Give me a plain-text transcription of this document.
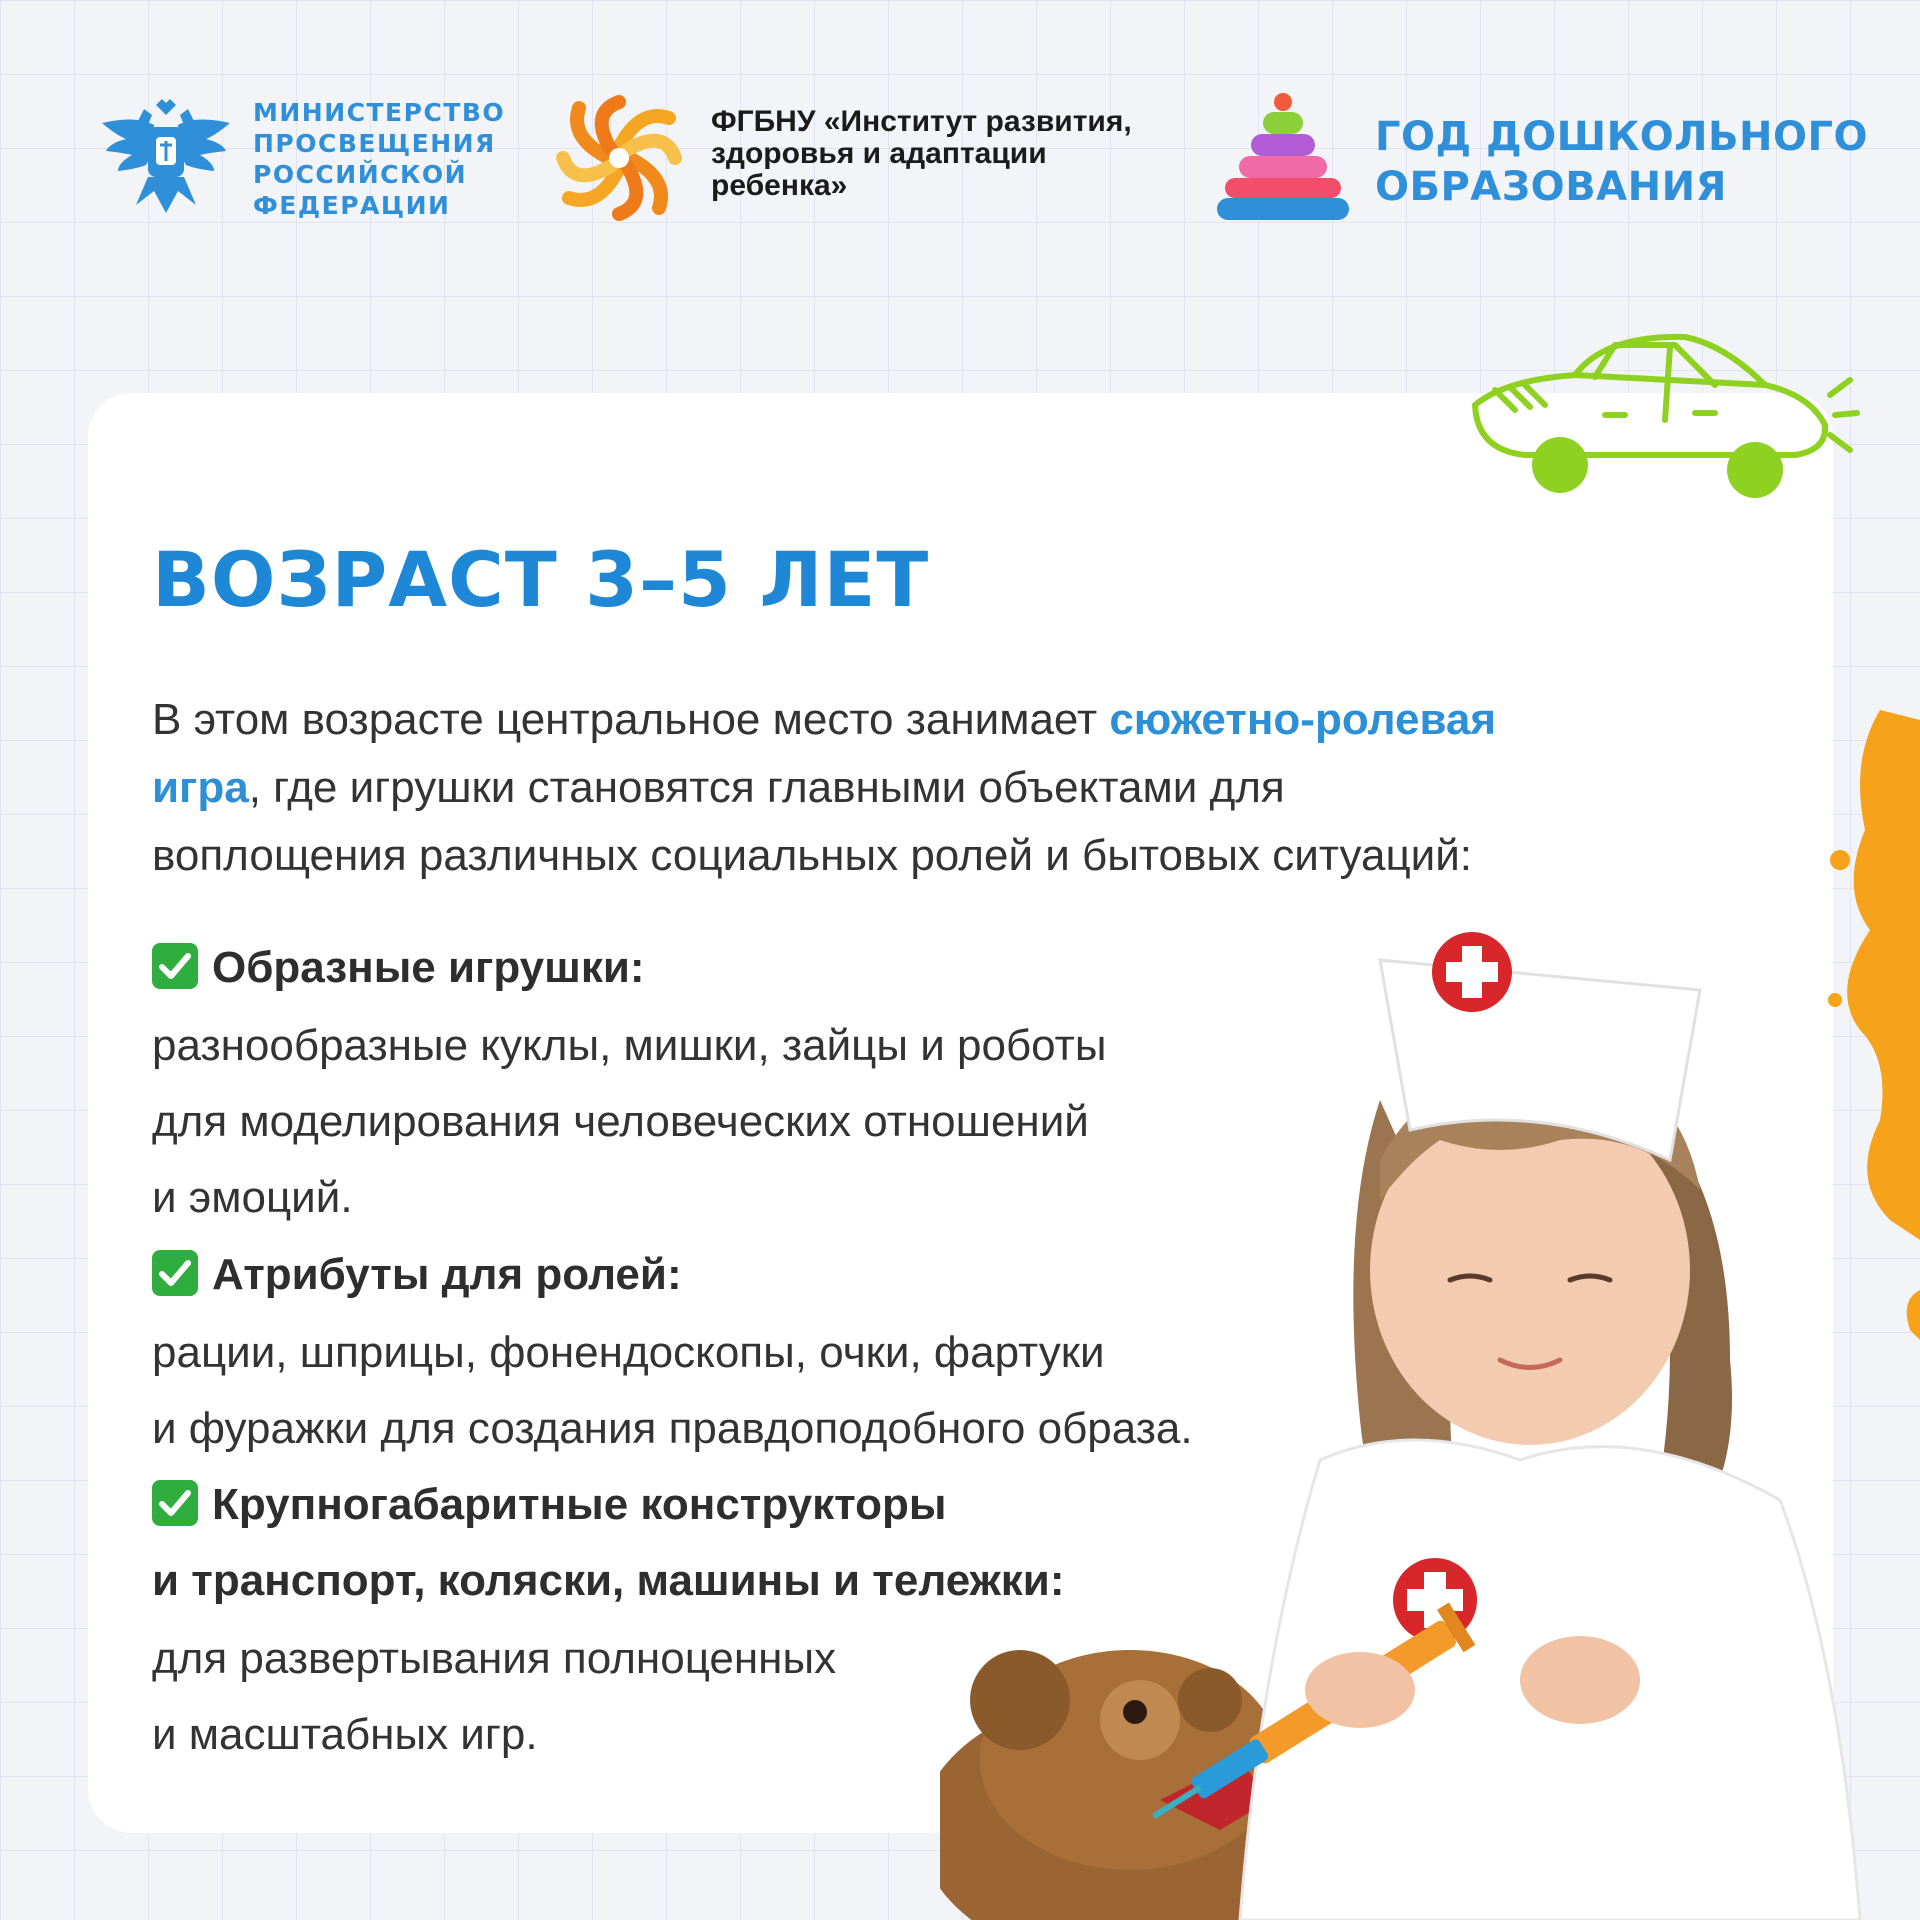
МИНИСТЕРСТВО
ПРОСВЕЩЕНИЯ
РОССИЙСКОЙ
ФЕДЕРАЦИИ
ФГБНУ «Институт развития,
здоровья и адаптации
ребенка»
ГОД ДОШКОЛЬНОГО
ОБРАЗОВАНИЯ
ВОЗРАСТ 3–5 ЛЕТ
В этом возрасте центральное место занимает сюжетно-ролевая
игра, где игрушки становятся главными объектами для
воплощения различных социальных ролей и бытовых ситуаций:
Образные игрушки:
разнообразные куклы, мишки, зайцы и роботы
для моделирования человеческих отношений
и эмоций.
Атрибуты для ролей:
рации, шприцы, фонендоскопы, очки, фартуки
и фуражки для создания правдоподобного образа.
Крупногабаритные конструкторы
и транспорт, коляски, машины и тележки:
для развертывания полноценных
и масштабных игр.
